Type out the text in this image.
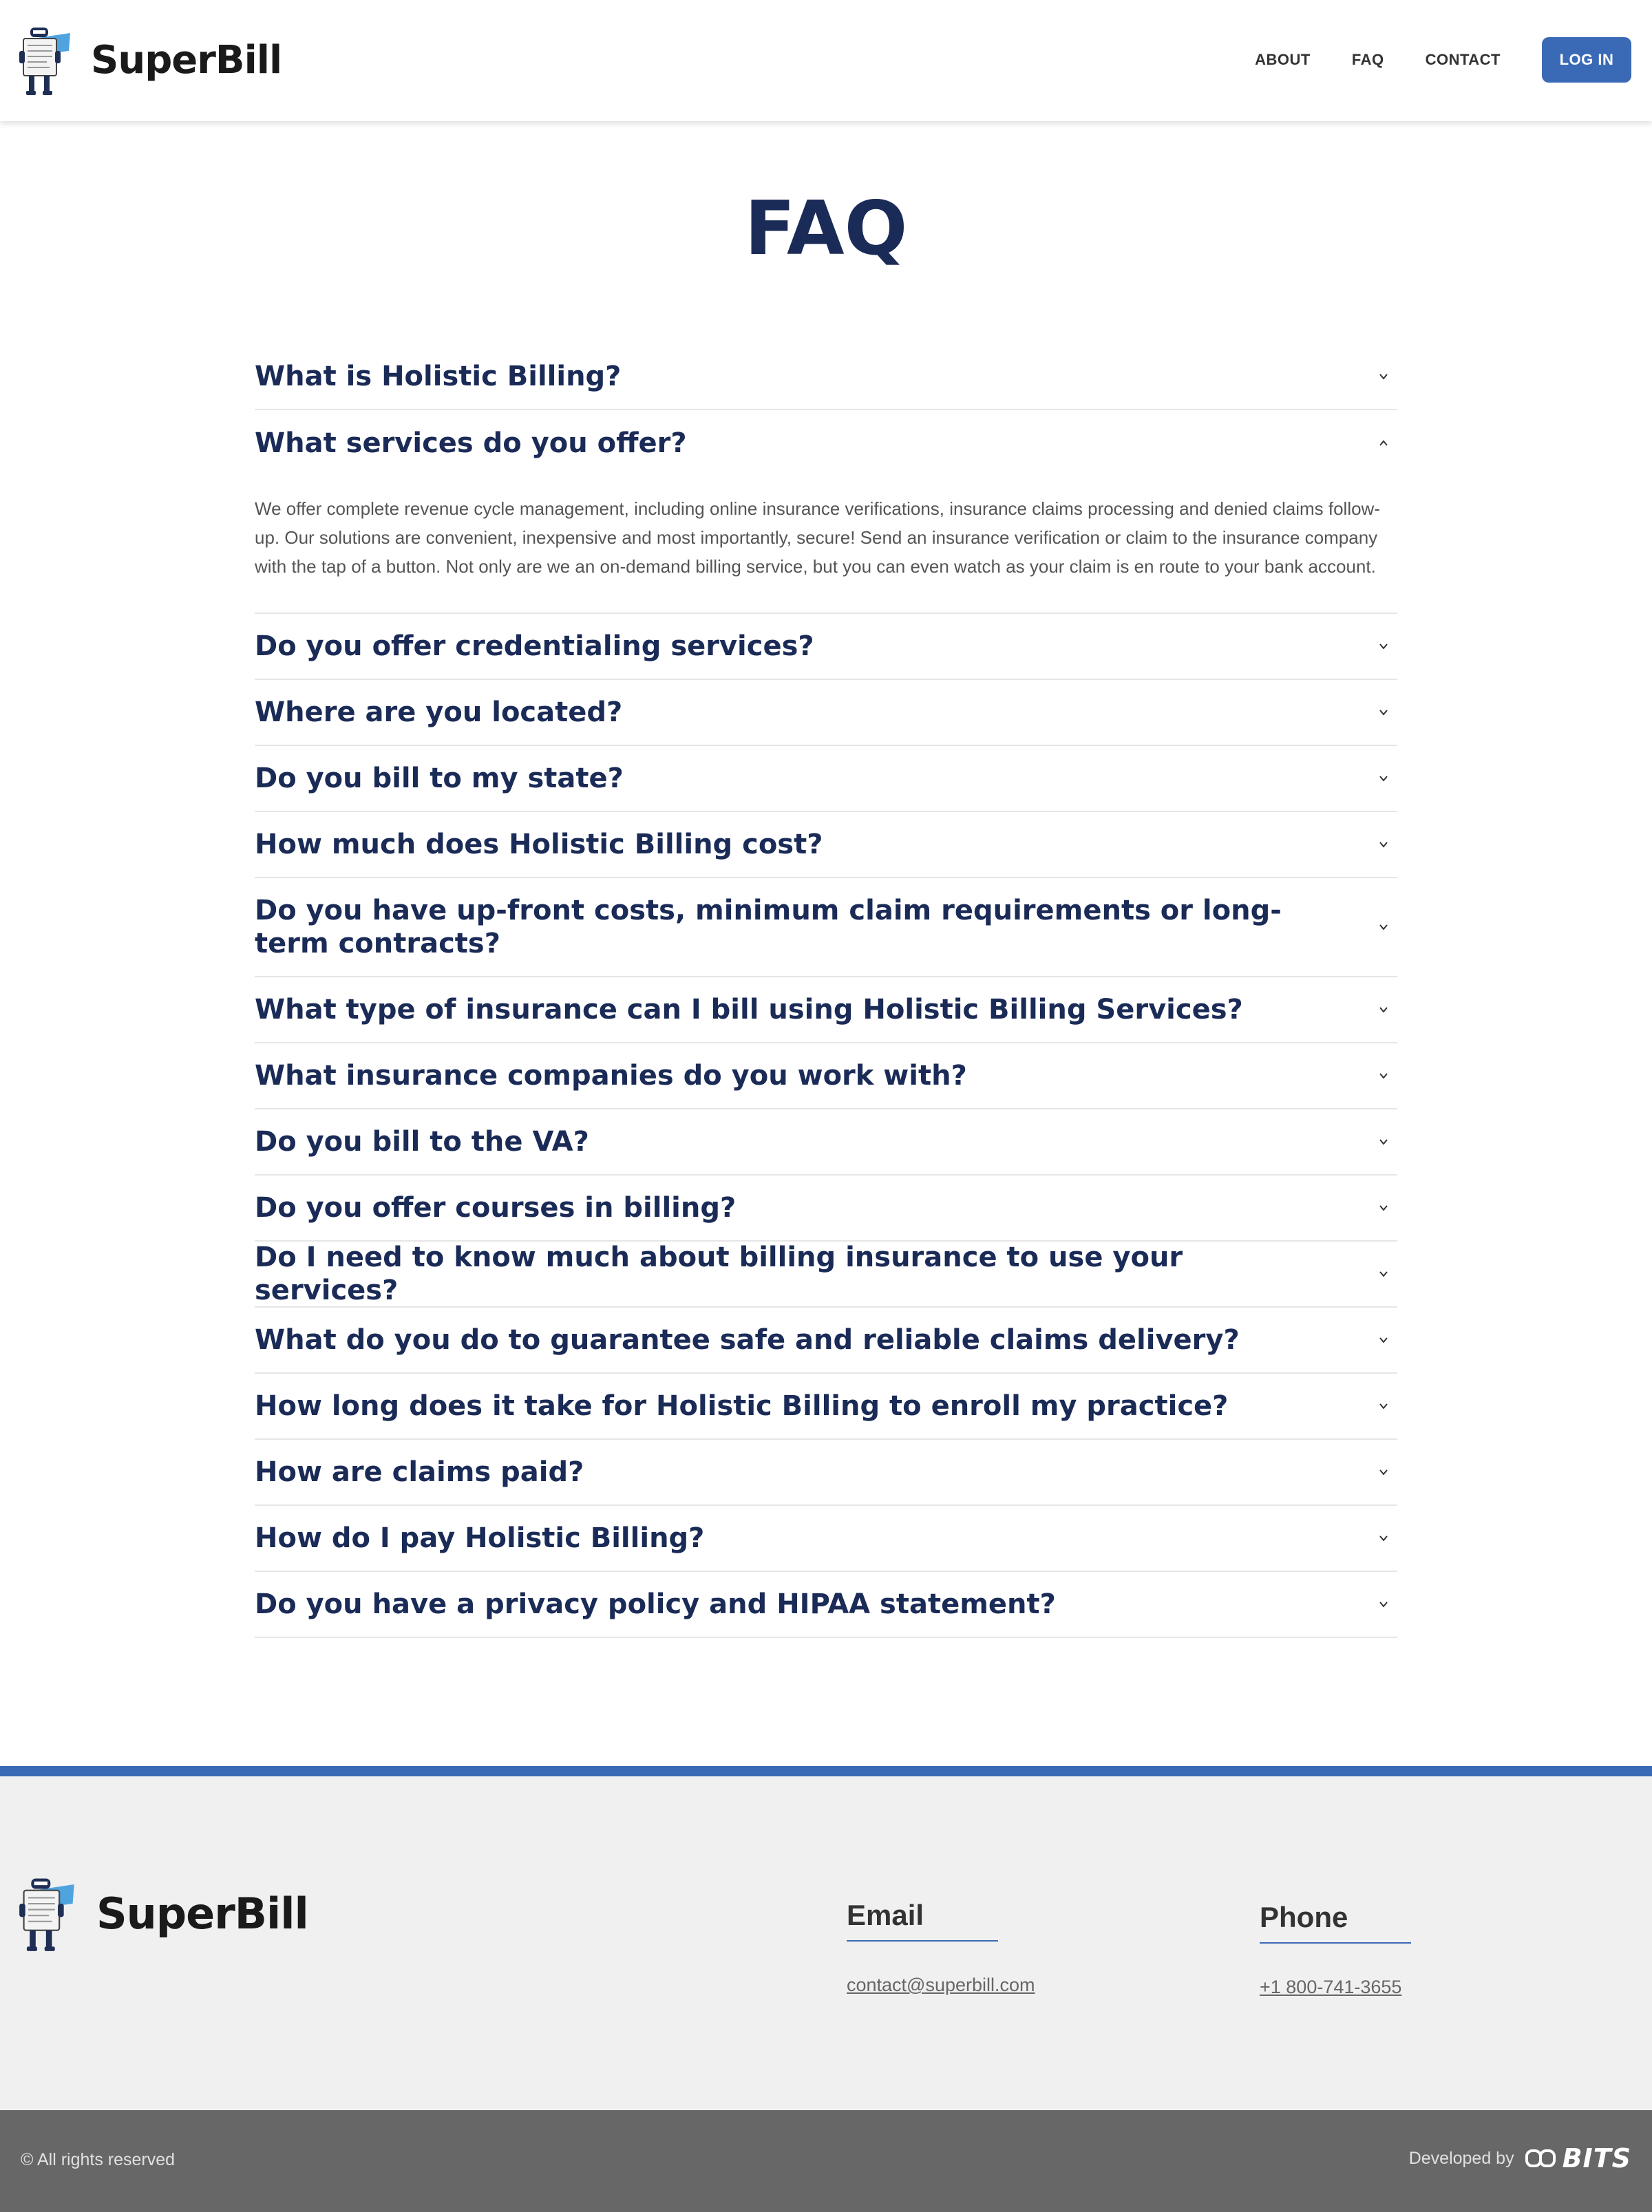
SuperBill	ABOUT	FAQ	CONTACT	LOG IN
FAQ
What is Holistic Billing?
What services do you offer?
We offer complete revenue cycle management, including online insurance verifications, insurance claims processing and denied claims follow-up. Our solutions are convenient, inexpensive and most importantly, secure! Send an insurance verification or claim to the insurance company with the tap of a button. Not only are we an on-demand billing service, but you can even watch as your claim is en route to your bank account.
Do you offer credentialing services?
Where are you located?
Do you bill to my state?
How much does Holistic Billing cost?
Do you have up-front costs, minimum claim requirements or long-term contracts?
What type of insurance can I bill using Holistic Billing Services?
What insurance companies do you work with?
Do you bill to the VA?
Do you offer courses in billing?
Do I need to know much about billing insurance to use your services?
What do you do to guarantee safe and reliable claims delivery?
How long does it take for Holistic Billing to enroll my practice?
How are claims paid?
How do I pay Holistic Billing?
Do you have a privacy policy and HIPAA statement?
SuperBill	Email
contact@superbill.com
Phone
+1 800-741-3655
© All rights reserved	Developed by BITS
